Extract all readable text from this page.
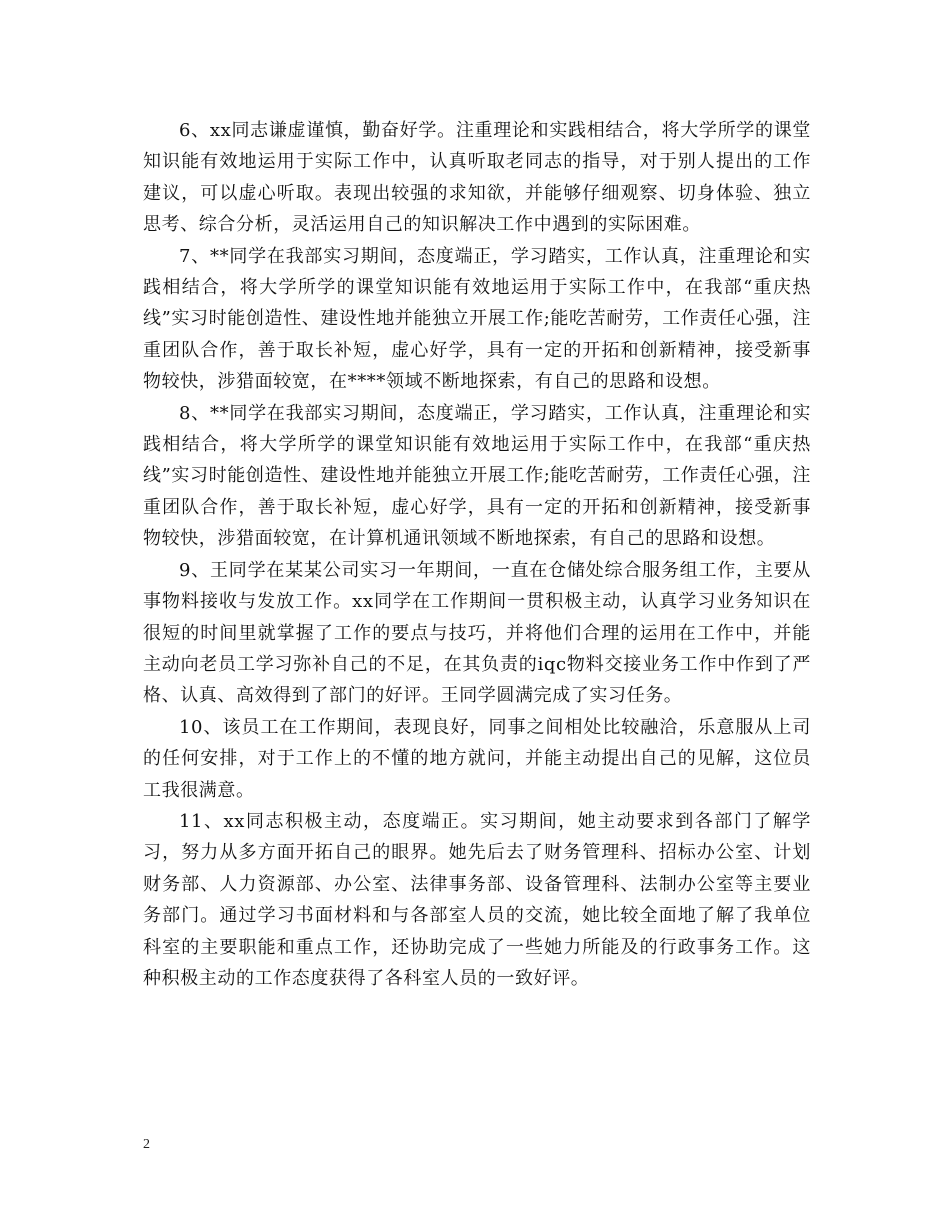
6、xx同志谦虚谨慎，勤奋好学。注重理论和实践相结合，将大学所学的课堂知识能有效地运用于实际工作中，认真听取老同志的指导，对于别人提出的工作建议，可以虚心听取。表现出较强的求知欲，并能够仔细观察、切身体验、独立思考、综合分析，灵活运用自己的知识解决工作中遇到的实际困难。

7、**同学在我部实习期间，态度端正，学习踏实，工作认真，注重理论和实践相结合，将大学所学的课堂知识能有效地运用于实际工作中，在我部“重庆热线”实习时能创造性、建设性地并能独立开展工作;能吃苦耐劳，工作责任心强，注重团队合作，善于取长补短，虚心好学，具有一定的开拓和创新精神，接受新事物较快，涉猎面较宽，在****领域不断地探索，有自己的思路和设想。

8、**同学在我部实习期间，态度端正，学习踏实，工作认真，注重理论和实践相结合，将大学所学的课堂知识能有效地运用于实际工作中，在我部“重庆热线”实习时能创造性、建设性地并能独立开展工作;能吃苦耐劳，工作责任心强，注重团队合作，善于取长补短，虚心好学，具有一定的开拓和创新精神，接受新事物较快，涉猎面较宽，在计算机通讯领域不断地探索，有自己的思路和设想。

9、王同学在某某公司实习一年期间，一直在仓储处综合服务组工作，主要从事物料接收与发放工作。xx同学在工作期间一贯积极主动，认真学习业务知识在很短的时间里就掌握了工作的要点与技巧，并将他们合理的运用在工作中，并能主动向老员工学习弥补自己的不足，在其负责的iqc物料交接业务工作中作到了严格、认真、高效得到了部门的好评。王同学圆满完成了实习任务。

10、该员工在工作期间，表现良好，同事之间相处比较融洽，乐意服从上司的任何安排，对于工作上的不懂的地方就问，并能主动提出自己的见解，这位员工我很满意。

11、xx同志积极主动，态度端正。实习期间，她主动要求到各部门了解学习，努力从多方面开拓自己的眼界。她先后去了财务管理科、招标办公室、计划财务部、人力资源部、办公室、法律事务部、设备管理科、法制办公室等主要业务部门。通过学习书面材料和与各部室人员的交流，她比较全面地了解了我单位科室的主要职能和重点工作，还协助完成了一些她力所能及的行政事务工作。这种积极主动的工作态度获得了各科室人员的一致好评。

2
